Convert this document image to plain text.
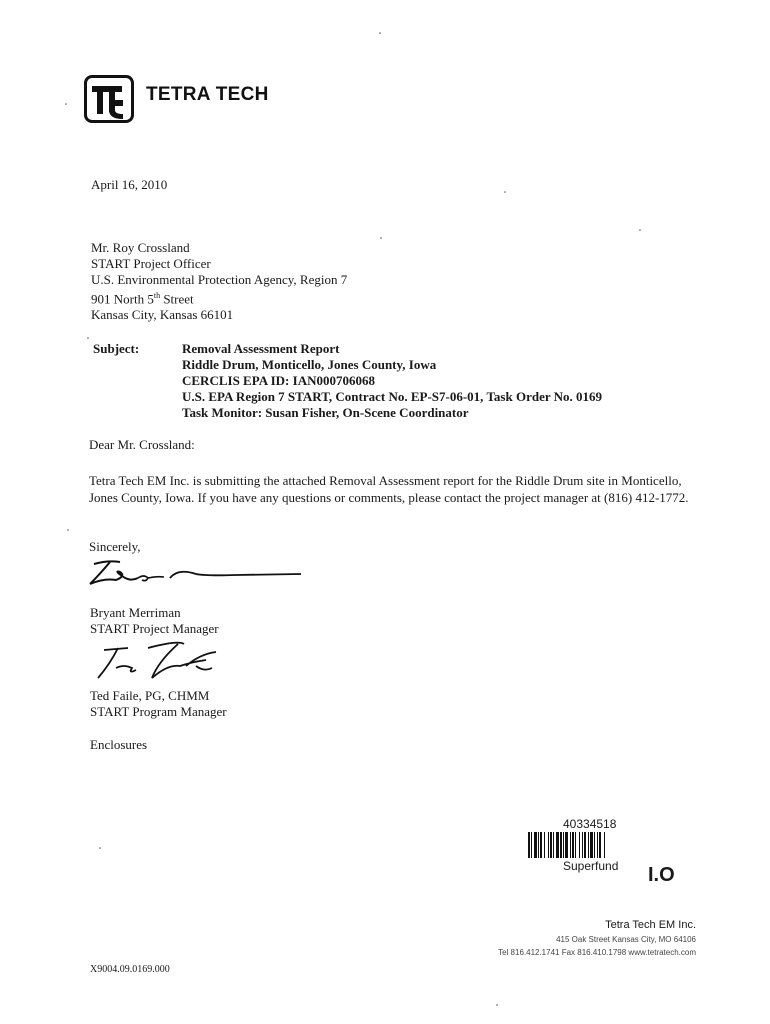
TETRA TECH
April 16, 2010

Mr. Roy Crossland

START Project Officer

U.S. Environmental Protection Agency, Region 7

901 North 5th Street

Kansas City, Kansas 66101

Subject:	Removal Assessment Report
Riddle Drum, Monticello, Jones County, Iowa
CERCLIS EPA ID: IAN000706068
U.S. EPA Region 7 START, Contract No. EP-S7-06-01, Task Order No. 0169
Task Monitor: Susan Fisher, On-Scene Coordinator
Dear Mr. Crossland:
Tetra Tech EM Inc. is submitting the attached Removal Assessment report for the Riddle Drum site in Monticello, Jones County, Iowa. If you have any questions or comments, please contact the project manager at (816) 412-1772.
Sincerely,

Bryant Merriman

START Project Manager

Ted Faile, PG, CHMM

START Program Manager

Enclosures
40334518
Superfund I.O
Tetra Tech EM Inc.
415 Oak Street Kansas City, MO 64106
Tel 816.412.1741 Fax 816.410.1798 www.tetratech.com
X9004.09.0169.000
